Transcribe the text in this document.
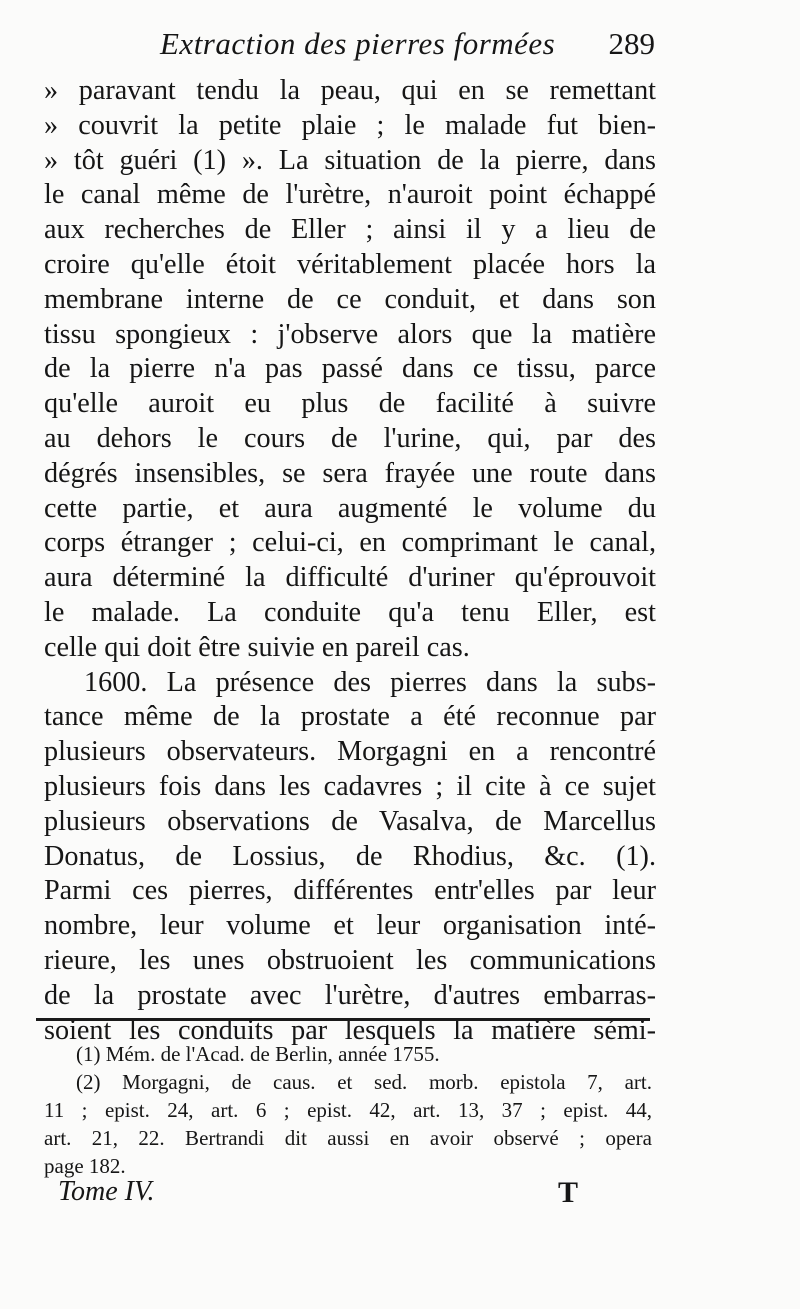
Extraction des pierres formées 289
» paravant tendu la peau, qui en se remettant
» couvrit la petite plaie ; le malade fut bien-
» tôt guéri (1) ». La situation de la pierre, dans
le canal même de l'urètre, n'auroit point échappé
aux recherches de Eller ; ainsi il y a lieu de
croire qu'elle étoit véritablement placée hors la
membrane interne de ce conduit, et dans son
tissu spongieux : j'observe alors que la matière
de la pierre n'a pas passé dans ce tissu, parce
qu'elle auroit eu plus de facilité à suivre
au dehors le cours de l'urine, qui, par des
dégrés insensibles, se sera frayée une route dans
cette partie, et aura augmenté le volume du
corps étranger ; celui-ci, en comprimant le canal,
aura déterminé la difficulté d'uriner qu'éprouvoit
le malade. La conduite qu'a tenu Eller, est
celle qui doit être suivie en pareil cas.
1600. La présence des pierres dans la subs-
tance même de la prostate a été reconnue par
plusieurs observateurs. Morgagni en a rencontré
plusieurs fois dans les cadavres ; il cite à ce sujet
plusieurs observations de Vasalva, de Marcellus
Donatus, de Lossius, de Rhodius, &c. (1).
Parmi ces pierres, différentes entr'elles par leur
nombre, leur volume et leur organisation inté-
rieure, les unes obstruoient les communications
de la prostate avec l'urètre, d'autres embarras-
soient les conduits par lesquels la matière sémi-
(1) Mém. de l'Acad. de Berlin, année 1755.
(2) Morgagni, de caus. et sed. morb. epistola 7, art.
11 ; epist. 24, art. 6 ; epist. 42, art. 13, 37 ; epist. 44,
art. 21, 22. Bertrandi dit aussi en avoir observé ; opera
page 182.
Tome IV.	T
